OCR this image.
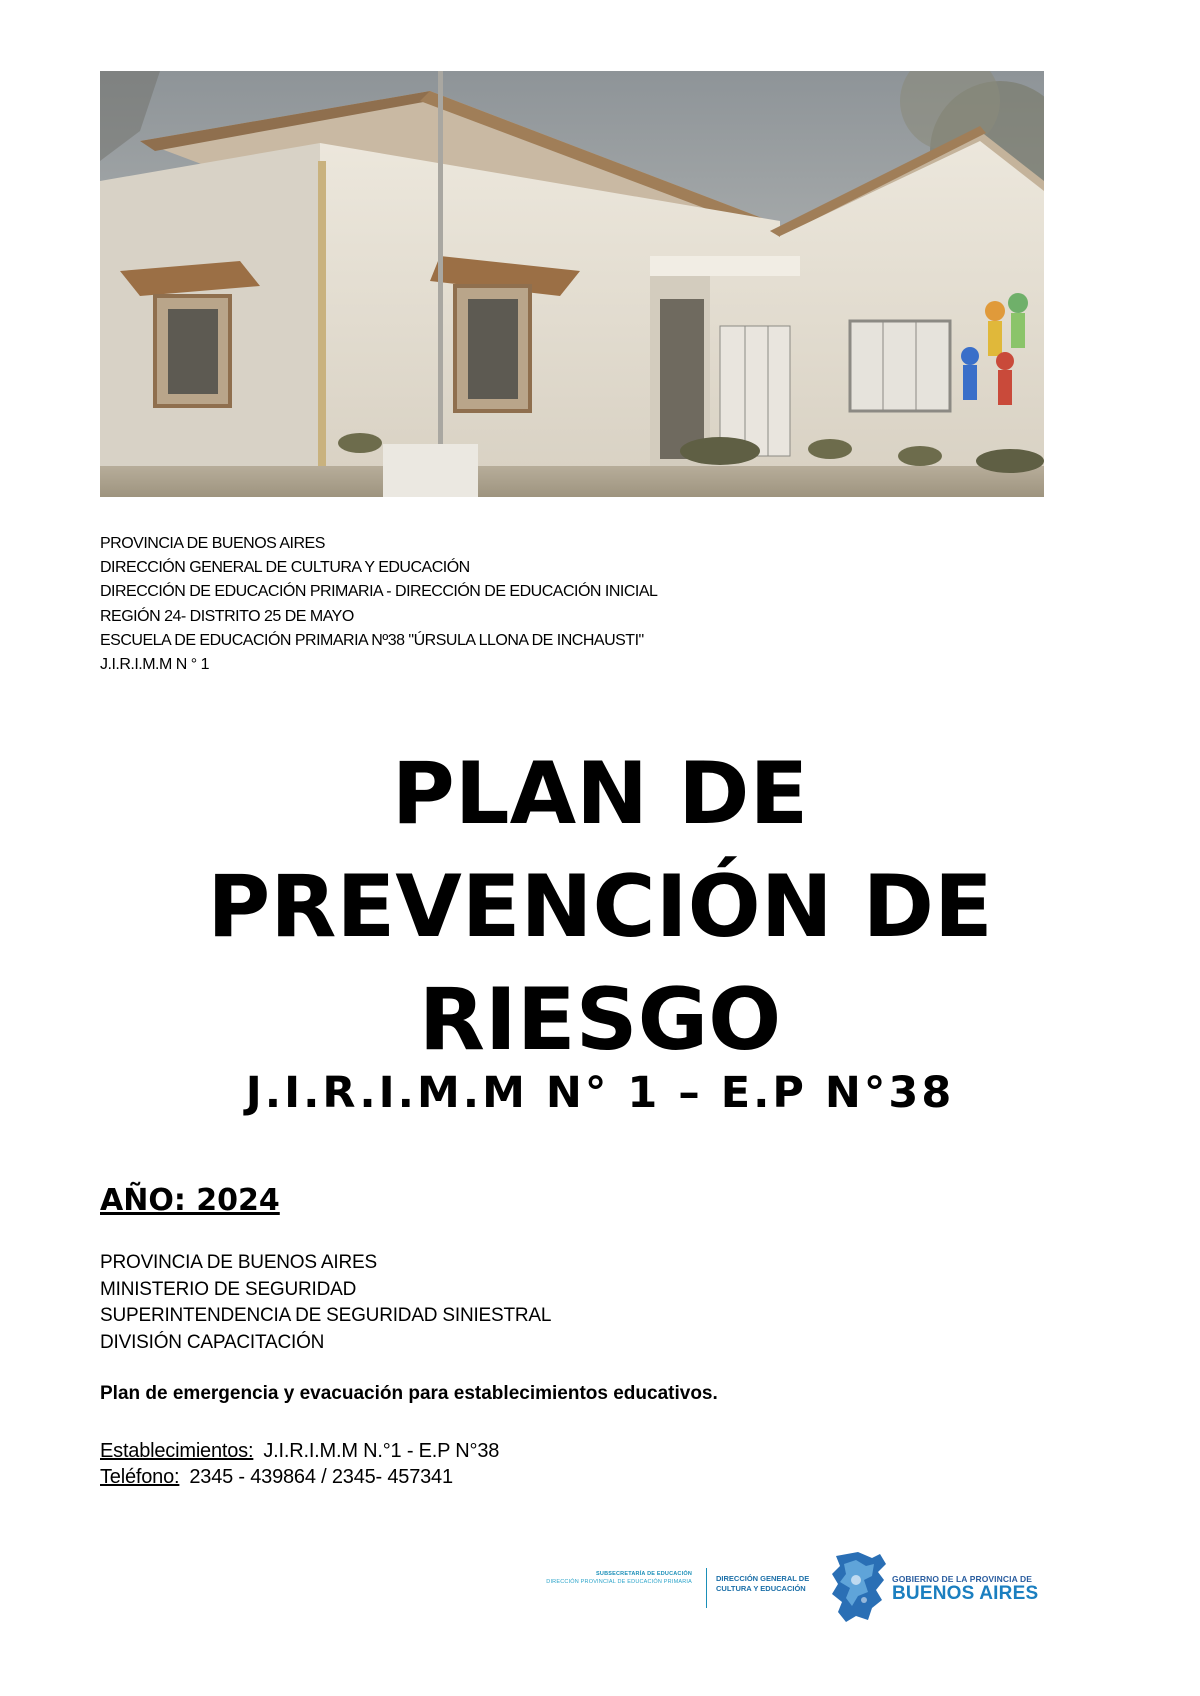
PROVINCIA DE BUENOS AIRES
DIRECCIÓN GENERAL DE CULTURA Y EDUCACIÓN
DIRECCIÓN DE EDUCACIÓN PRIMARIA - DIRECCIÓN DE EDUCACIÓN INICIAL
REGIÓN 24- DISTRITO 25 DE MAYO
ESCUELA DE EDUCACIÓN PRIMARIA Nº38 "ÚRSULA LLONA DE INCHAUSTI"
J.I.R.I.M.M N ° 1
PLAN DE
PREVENCIÓN DE
RIESGO
J.I.R.I.M.M N° 1 – E.P N°38
AÑO: 2024
PROVINCIA DE BUENOS AIRES
MINISTERIO DE SEGURIDAD
SUPERINTENDENCIA DE SEGURIDAD SINIESTRAL
DIVISIÓN CAPACITACIÓN
Plan de emergencia y evacuación para establecimientos educativos.
Establecimientos: J.I.R.I.M.M N.°1 - E.P N°38
Teléfono: 2345 - 439864 / 2345- 457341
SUBSECRETARÍA DE EDUCACIÓN
DIRECCIÓN PROVINCIAL DE EDUCACIÓN PRIMARIA	DIRECCIÓN GENERAL DE
CULTURA Y EDUCACIÓN
GOBIERNO DE LA PROVINCIA DE
BUENOS AIRES
